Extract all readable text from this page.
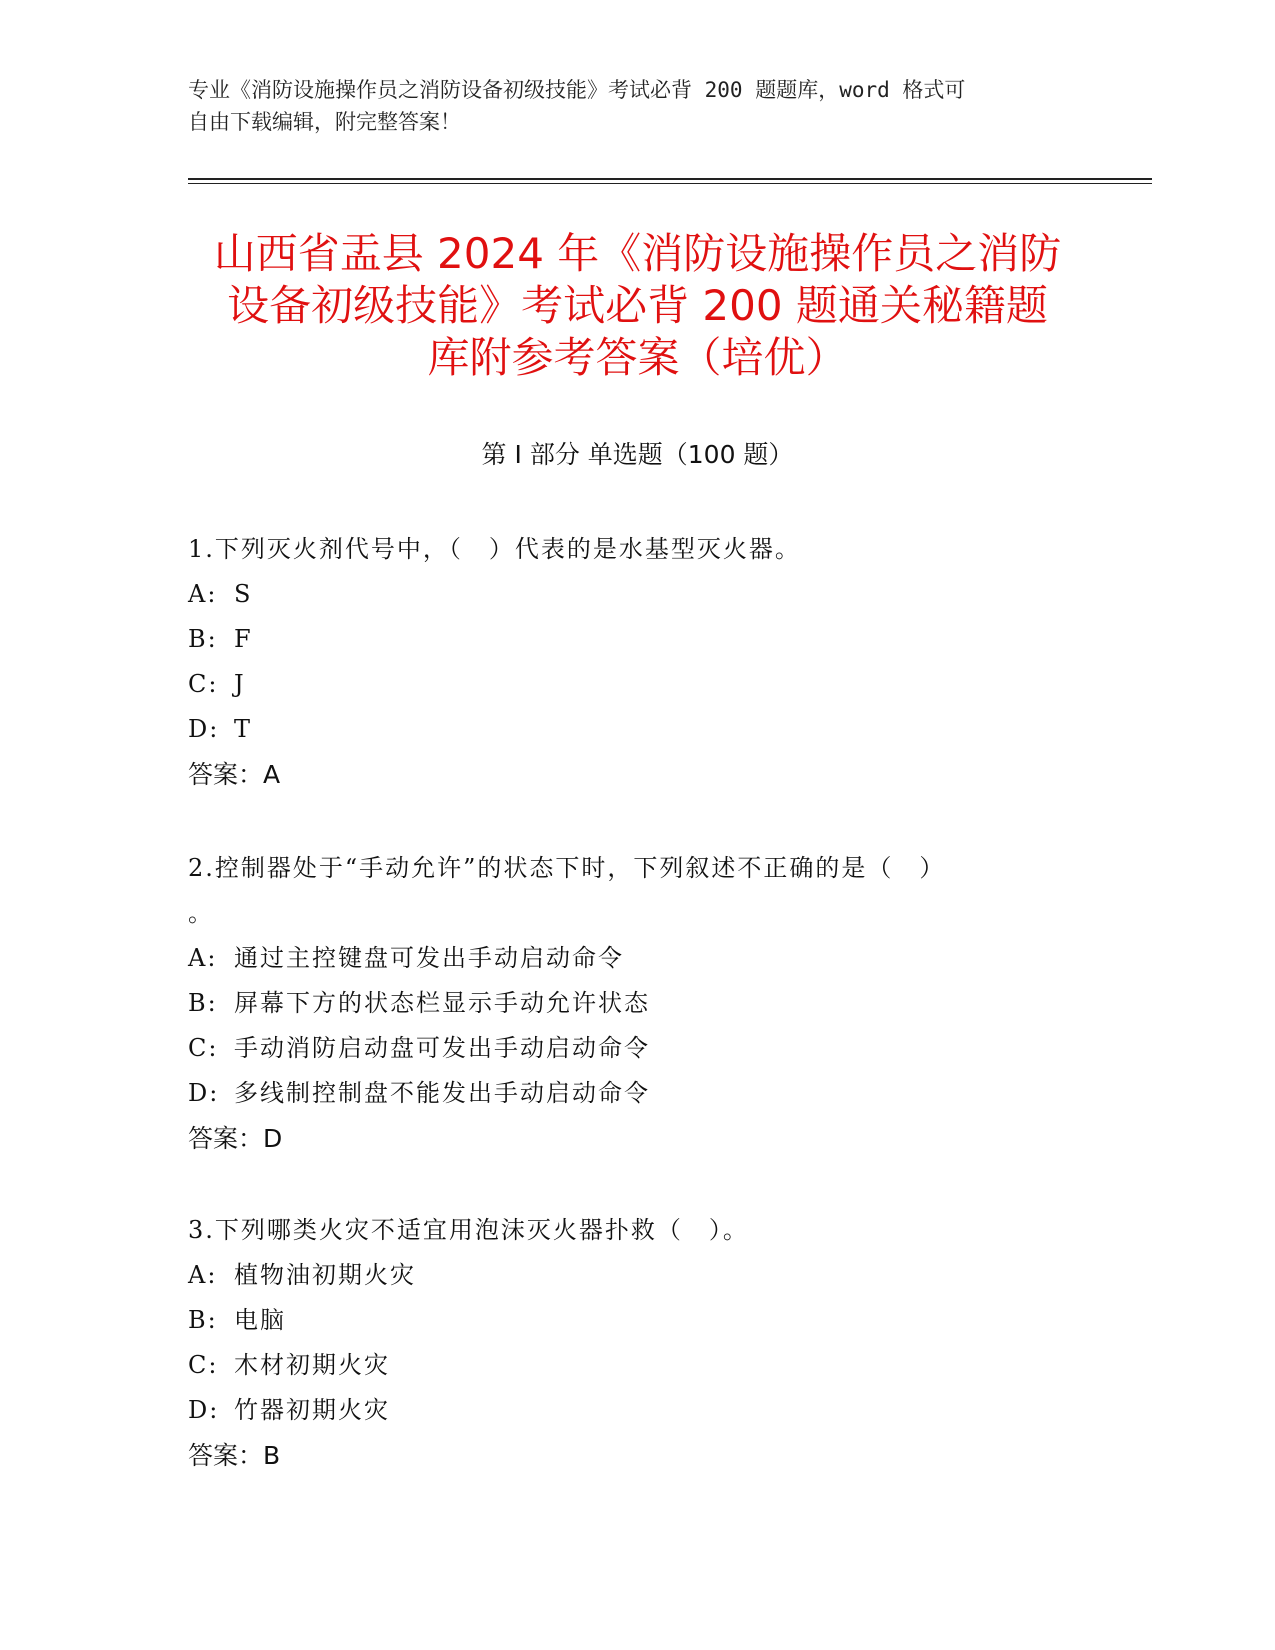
专业《消防设施操作员之消防设备初级技能》考试必背 200 题题库，word 格式可
自由下载编辑，附完整答案！
山西省盂县 2024 年《消防设施操作员之消防
设备初级技能》考试必背 200 题通关秘籍题
库附参考答案（培优）
第 I 部分 单选题（100 题）

1.下列灭火剂代号中，（　）代表的是水基型灭火器。

A: S

B: F

C: J

D: T

答案：A

2.控制器处于“手动允许”的状态下时，下列叙述不正确的是（　）

。

A: 通过主控键盘可发出手动启动命令

B: 屏幕下方的状态栏显示手动允许状态

C: 手动消防启动盘可发出手动启动命令

D: 多线制控制盘不能发出手动启动命令

答案：D

3.下列哪类火灾不适宜用泡沫灭火器扑救（　）。

A: 植物油初期火灾

B: 电脑

C: 木材初期火灾

D: 竹器初期火灾

答案：B
